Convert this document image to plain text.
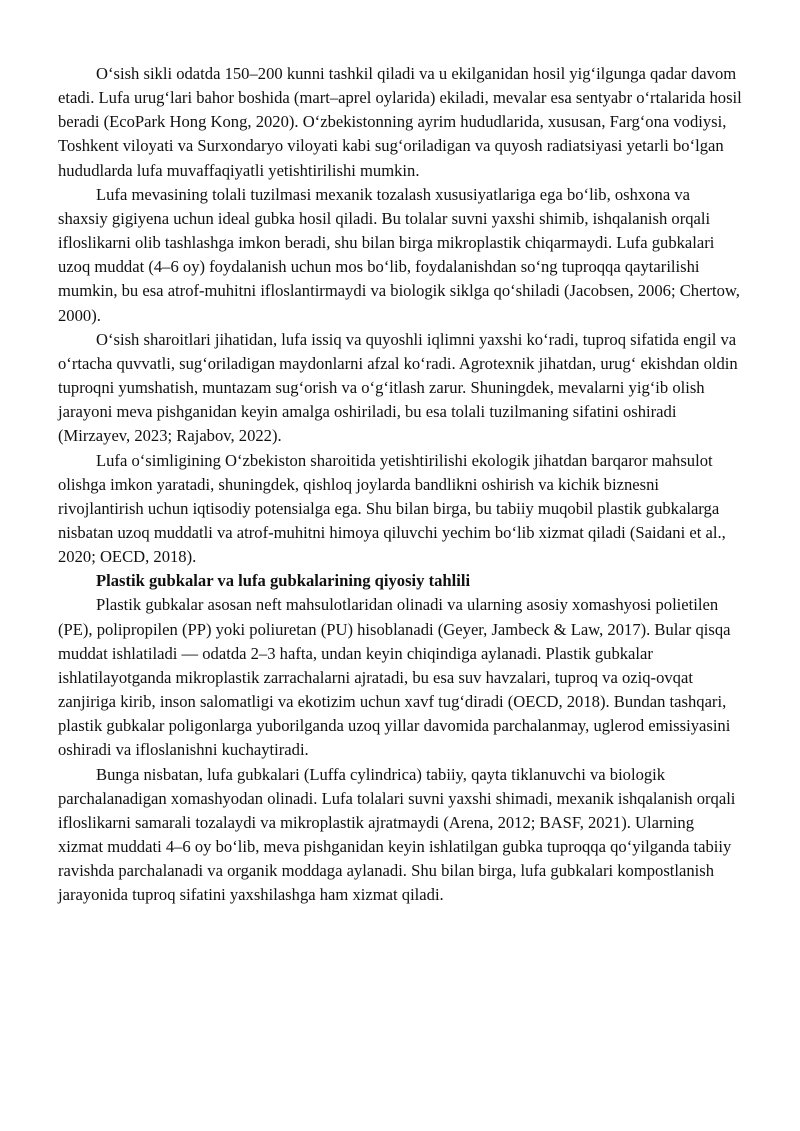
O‘sish sikli odatda 150–200 kunni tashkil qiladi va u ekilganidan hosil yig‘ilgunga qadar davom etadi. Lufa urug‘lari bahor boshida (mart–aprel oylarida) ekiladi, mevalar esa sentyabr o‘rtalarida hosil beradi (EcoPark Hong Kong, 2020). O‘zbekistonning ayrim hududlarida, xususan, Farg‘ona vodiysi, Toshkent viloyati va Surxondaryo viloyati kabi sug‘oriladigan va quyosh radiatsiyasi yetarli bo‘lgan hududlarda lufa muvaffaqiyatli yetishtirilishi mumkin.

Lufa mevasining tolali tuzilmasi mexanik tozalash xususiyatlariga ega bo‘lib, oshxona va shaxsiy gigiyena uchun ideal gubka hosil qiladi. Bu tolalar suvni yaxshi shimib, ishqalanish orqali ifloslikarni olib tashlashga imkon beradi, shu bilan birga mikroplastik chiqarmaydi. Lufa gubkalari uzoq muddat (4–6 oy) foydalanish uchun mos bo‘lib, foydalanishdan so‘ng tuproqqa qaytarilishi mumkin, bu esa atrof-muhitni ifloslantirmaydi va biologik siklga qo‘shiladi (Jacobsen, 2006; Chertow, 2000).

O‘sish sharoitlari jihatidan, lufa issiq va quyoshli iqlimni yaxshi ko‘radi, tuproq sifatida engil va o‘rtacha quvvatli, sug‘oriladigan maydonlarni afzal ko‘radi. Agrotexnik jihatdan, urug‘ ekishdan oldin tuproqni yumshatish, muntazam sug‘orish va o‘g‘itlash zarur. Shuningdek, mevalarni yig‘ib olish jarayoni meva pishganidan keyin amalga oshiriladi, bu esa tolali tuzilmaning sifatini oshiradi (Mirzayev, 2023; Rajabov, 2022).

Lufa o‘simligining O‘zbekiston sharoitida yetishtirilishi ekologik jihatdan barqaror mahsulot olishga imkon yaratadi, shuningdek, qishloq joylarda bandlikni oshirish va kichik biznesni rivojlantirish uchun iqtisodiy potensialga ega. Shu bilan birga, bu tabiiy muqobil plastik gubkalarga nisbatan uzoq muddatli va atrof-muhitni himoya qiluvchi yechim bo‘lib xizmat qiladi (Saidani et al., 2020; OECD, 2018).

Plastik gubkalar va lufa gubkalarining qiyosiy tahlili

Plastik gubkalar asosan neft mahsulotlaridan olinadi va ularning asosiy xomashyosi polietilen (PE), polipropilen (PP) yoki poliuretan (PU) hisoblanadi (Geyer, Jambeck & Law, 2017). Bular qisqa muddat ishlatiladi — odatda 2–3 hafta, undan keyin chiqindiga aylanadi. Plastik gubkalar ishlatilayotganda mikroplastik zarrachalarni ajratadi, bu esa suv havzalari, tuproq va oziq-ovqat zanjiriga kirib, inson salomatligi va ekotizim uchun xavf tug‘diradi (OECD, 2018). Bundan tashqari, plastik gubkalar poligonlarga yuborilganda uzoq yillar davomida parchalanmay, uglerod emissiyasini oshiradi va ifloslanishni kuchaytiradi.

Bunga nisbatan, lufa gubkalari (Luffa cylindrica) tabiiy, qayta tiklanuvchi va biologik parchalanadigan xomashyodan olinadi. Lufa tolalari suvni yaxshi shimadi, mexanik ishqalanish orqali ifloslikarni samarali tozalaydi va mikroplastik ajratmaydi (Arena, 2012; BASF, 2021). Ularning xizmat muddati 4–6 oy bo‘lib, meva pishganidan keyin ishlatilgan gubka tuproqqa qo‘yilganda tabiiy ravishda parchalanadi va organik moddaga aylanadi. Shu bilan birga, lufa gubkalari kompostlanish jarayonida tuproq sifatini yaxshilashga ham xizmat qiladi.
